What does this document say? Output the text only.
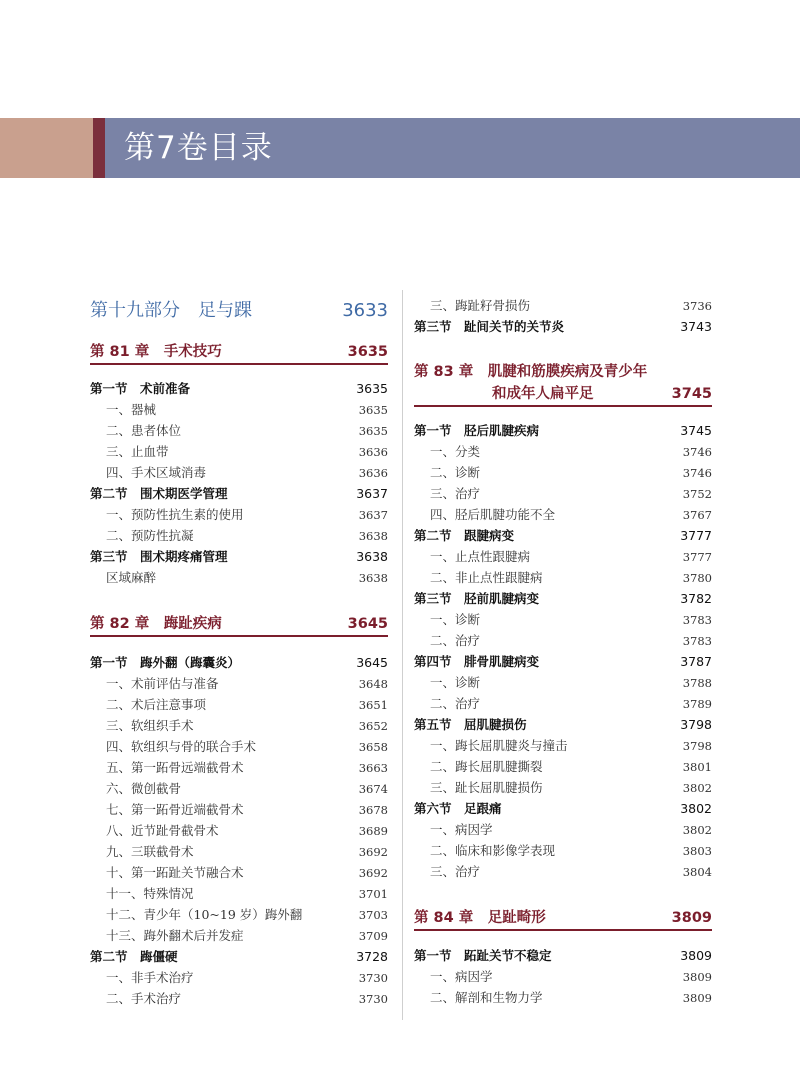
第7卷目录
第十九部分　足与踝	3633
第 81 章　手术技巧	3635
第一节　术前准备	3635
一、器械	3635
二、患者体位	3635
三、止血带	3636
四、手术区域消毒	3636
第二节　围术期医学管理	3637
一、预防性抗生素的使用	3637
二、预防性抗凝	3638
第三节　围术期疼痛管理	3638
区域麻醉	3638
第 82 章　踇趾疾病	3645
第一节　踇外翻（踇囊炎）	3645
一、术前评估与准备	3648
二、术后注意事项	3651
三、软组织手术	3652
四、软组织与骨的联合手术	3658
五、第一跖骨远端截骨术	3663
六、微创截骨	3674
七、第一跖骨近端截骨术	3678
八、近节趾骨截骨术	3689
九、三联截骨术	3692
十、第一跖趾关节融合术	3692
十一、特殊情况	3701
十二、青少年（10~19 岁）踇外翻	3703
十三、踇外翻术后并发症	3709
第二节　踇僵硬	3728
一、非手术治疗	3730
二、手术治疗	3730
三、踇趾籽骨损伤	3736
第三节　趾间关节的关节炎	3743
第 83 章　肌腱和筋膜疾病及青少年
和成年人扁平足	3745
第一节　胫后肌腱疾病	3745
一、分类	3746
二、诊断	3746
三、治疗	3752
四、胫后肌腱功能不全	3767
第二节　跟腱病变	3777
一、止点性跟腱病	3777
二、非止点性跟腱病	3780
第三节　胫前肌腱病变	3782
一、诊断	3783
二、治疗	3783
第四节　腓骨肌腱病变	3787
一、诊断	3788
二、治疗	3789
第五节　屈肌腱损伤	3798
一、踇长屈肌腱炎与撞击	3798
二、踇长屈肌腱撕裂	3801
三、趾长屈肌腱损伤	3802
第六节　足跟痛	3802
一、病因学	3802
二、临床和影像学表现	3803
三、治疗	3804
第 84 章　足趾畸形	3809
第一节　跖趾关节不稳定	3809
一、病因学	3809
二、解剖和生物力学	3809
